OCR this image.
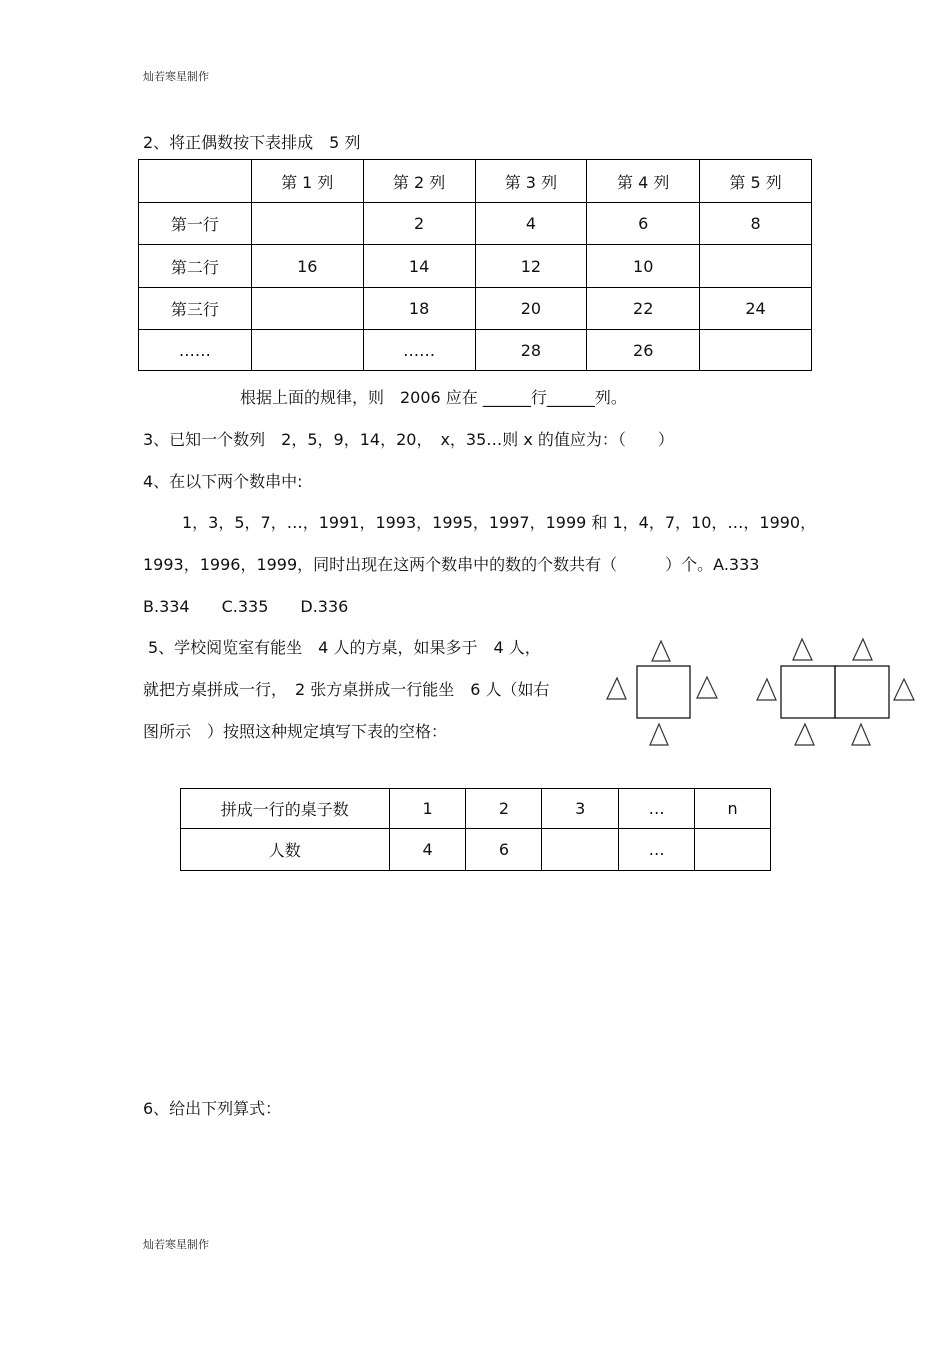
灿若寒星制作
灿若寒星制作
2、将正偶数按下表排成　5 列
	第 1 列	第 2 列	第 3 列	第 4 列	第 5 列
第一行		2	4	6	8
第二行	16	14	12	10	
第三行		18	20	22	24
……		……	28	26	
根据上面的规律，则　2006 应在 ______行______列。
3、已知一个数列　2，5，9，14，20，　x，35…则 x 的值应为：（　　）
4、在以下两个数串中:
1，3，5，7，…，1991，1993，1995，1997，1999 和 1，4，7，10，…，1990，
1993，1996，1999，同时出现在这两个数串中的数的个数共有（　　　）个。A.333
B.334　　C.335　　D.336
5、学校阅览室有能坐　4 人的方桌，如果多于　4 人，
就把方桌拼成一行，　2 张方桌拼成一行能坐　6 人（如右
图所示　）按照这种规定填写下表的空格：
拼成一行的桌子数	1	2	3	…	n
人数	4	6		…	
6、给出下列算式：
